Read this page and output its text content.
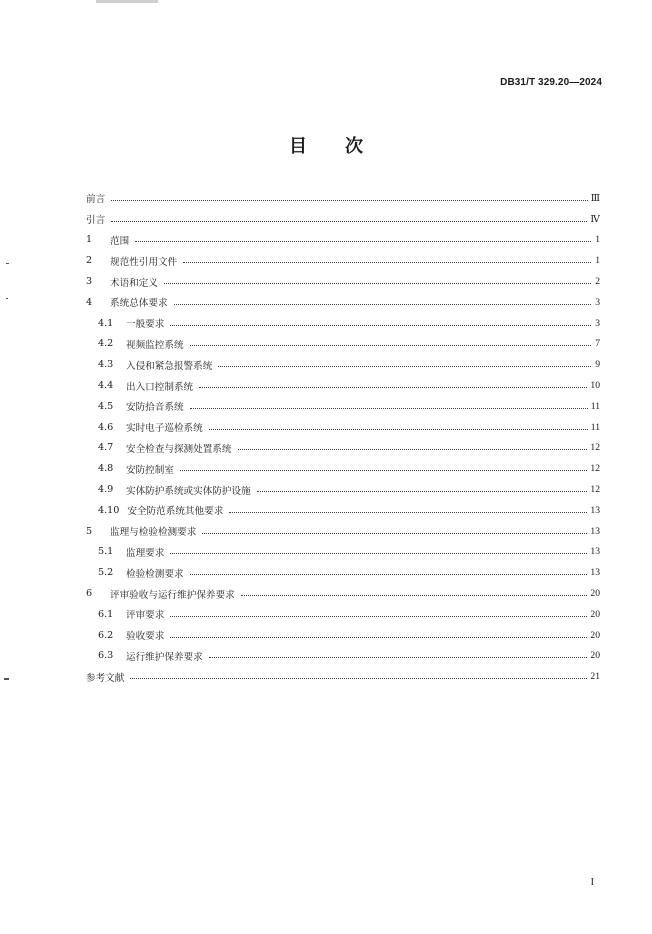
DB31/T 329.20—2024
目 次
前言	Ⅲ
引言	Ⅳ
1	范围	1
2	规范性引用文件	1
3	术语和定义	2
4	系统总体要求	3
4.1	一般要求	3
4.2	视频监控系统	7
4.3	入侵和紧急报警系统	9
4.4	出入口控制系统	10
4.5	安防拾音系统	11
4.6	实时电子巡检系统	11
4.7	安全检查与探测处置系统	12
4.8	安防控制室	12
4.9	实体防护系统或实体防护设施	12
4.10 安全防范系统其他要求	13
5	监理与检验检测要求	13
5.1	监理要求	13
5.2	检验检测要求	13
6	评审验收与运行维护保养要求	20
6.1	评审要求	20
6.2	验收要求	20
6.3	运行维护保养要求	20
参考文献	21
I
